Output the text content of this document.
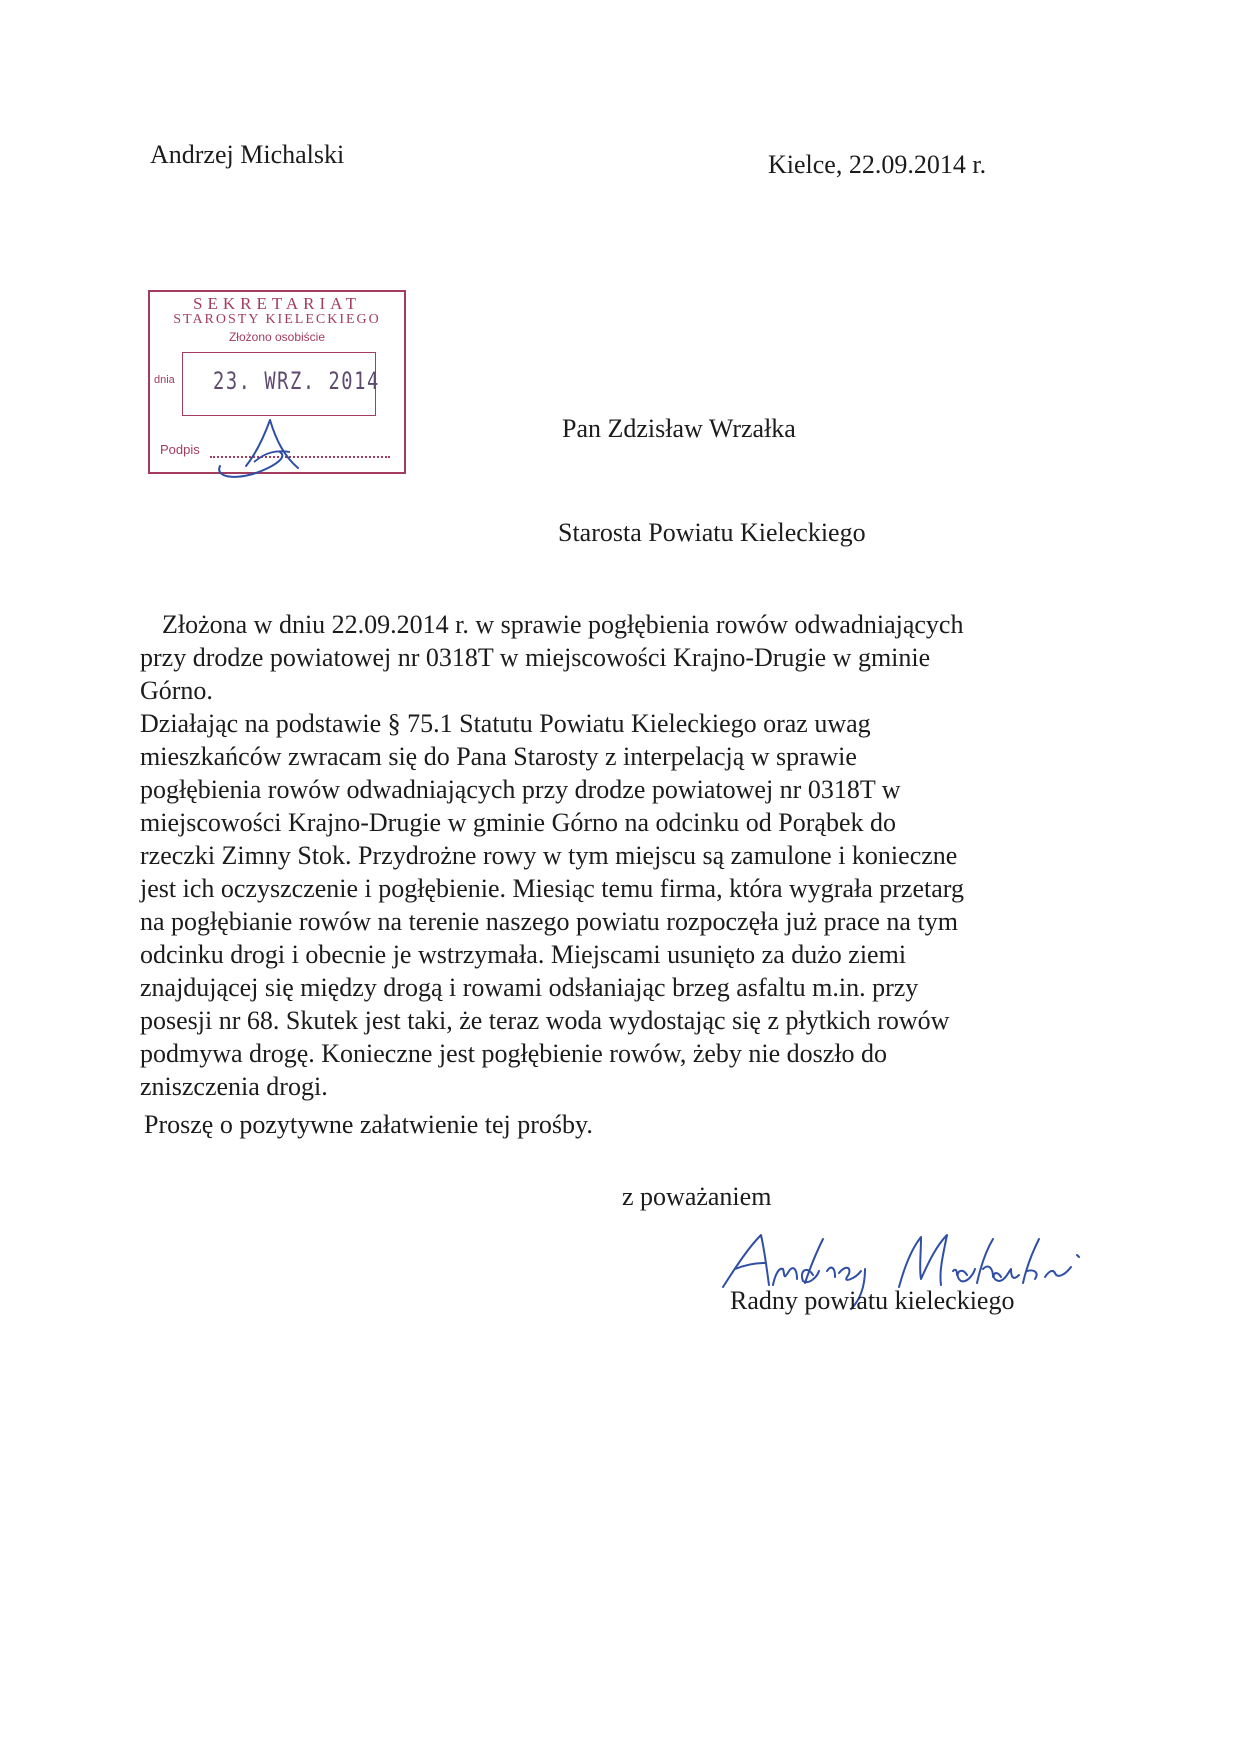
Andrzej Michalski	Kielce, 22.09.2014 r.
SEKRETARIAT
STAROSTY KIELECKIEGO
Złożono osobiście
dnia 23. WRZ. 2014
Podpis
Pan Zdzisław Wrzałka
Starosta Powiatu Kieleckiego
Złożona w dniu 22.09.2014 r. w sprawie pogłębienia rowów odwadniających
przy drodze powiatowej nr 0318T w miejscowości Krajno-Drugie w gminie
Górno.
Działając na podstawie § 75.1 Statutu Powiatu Kieleckiego oraz uwag
mieszkańców zwracam się do Pana Starosty z interpelacją w sprawie
pogłębienia rowów odwadniających przy drodze powiatowej nr 0318T w
miejscowości Krajno-Drugie w gminie Górno na odcinku od Porąbek do
rzeczki Zimny Stok. Przydrożne rowy w tym miejscu są zamulone i konieczne
jest ich oczyszczenie i pogłębienie. Miesiąc temu firma, która wygrała przetarg
na pogłębianie rowów na terenie naszego powiatu rozpoczęła już prace na tym
odcinku drogi i obecnie je wstrzymała. Miejscami usunięto za dużo ziemi
znajdującej się między drogą i rowami odsłaniając brzeg asfaltu m.in. przy
posesji nr 68. Skutek jest taki, że teraz woda wydostając się z płytkich rowów
podmywa drogę. Konieczne jest pogłębienie rowów, żeby nie doszło do
zniszczenia drogi.
Proszę o pozytywne załatwienie tej prośby.
z poważaniem
Radny powiatu kieleckiego
